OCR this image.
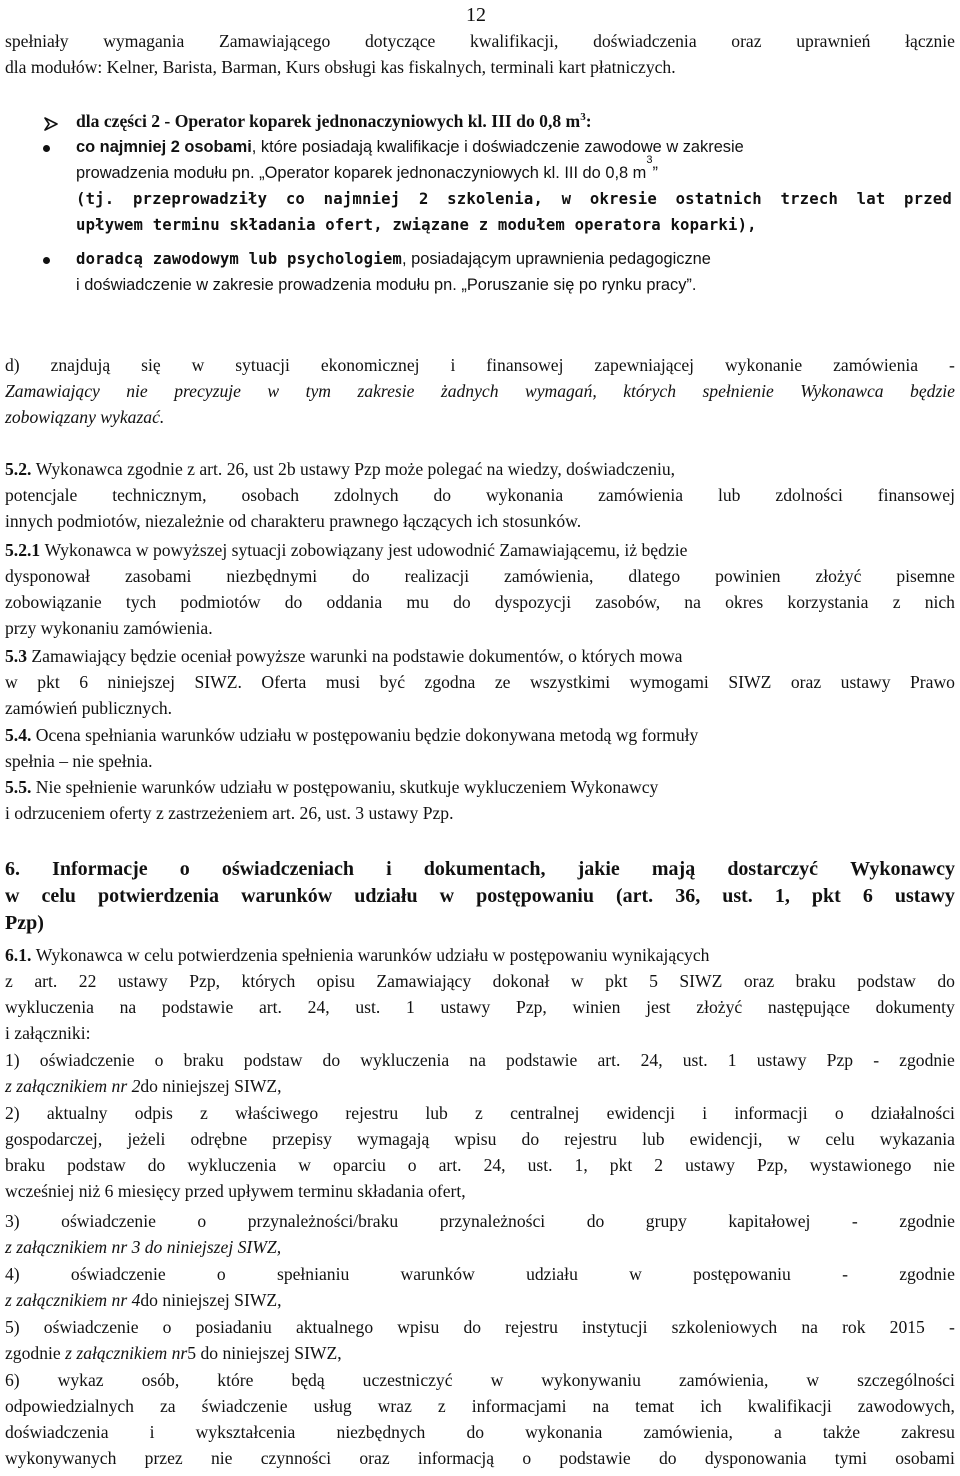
12
spełniały wymagania Zamawiającego dotyczące kwalifikacji, doświadczenia oraz uprawnień łącznie
dla modułów: Kelner, Barista, Barman, Kurs obsługi kas fiskalnych, terminali kart płatniczych.
dla części 2 - Operator koparek jednonaczyniowych kl. III do 0,8 $m^3$:
co najmniej 2 osobami, które posiadają kwalifikacje i doświadczenie zawodowe w zakresie
prowadzenia modułu pn. „Operator koparek jednonaczyniowych kl. III do 0,8 m
3
”
(tj. przeprowadziły co najmniej 2 szkolenia, w okresie ostatnich trzech lat przed
upływem terminu składania ofert, związane z modułem operatora koparki),
doradcą zawodowym lub psychologiem, posiadającym uprawnienia pedagogiczne
i doświadczenie w zakresie prowadzenia modułu pn. „Poruszanie się po rynku pracy”.
d) znajdują się w sytuacji ekonomicznej i finansowej zapewniającej wykonanie zamówienia -
Zamawiający nie precyzuje w tym zakresie żadnych wymagań, których spełnienie Wykonawca będzie
zobowiązany wykazać.
5.2.
Wykonawca zgodnie z art. 26, ust 2b ustawy Pzp może polegać na wiedzy, doświadczeniu,
potencjale technicznym, osobach zdolnych do wykonania zamówienia lub zdolności finansowej
innych podmiotów, niezależnie od charakteru prawnego łączących ich stosunków.
5.2.1
Wykonawca w powyższej sytuacji zobowiązany jest udowodnić Zamawiającemu, iż będzie
dysponował zasobami niezbędnymi do realizacji zamówienia, dlatego powinien złożyć pisemne
zobowiązanie tych podmiotów do oddania mu do dyspozycji zasobów, na okres korzystania z nich
przy wykonaniu zamówienia.
5.3
Zamawiający będzie oceniał powyższe warunki na podstawie dokumentów, o których mowa
w pkt 6 niniejszej SIWZ. Oferta musi być zgodna ze wszystkimi wymogami SIWZ oraz ustawy Prawo
zamówień publicznych.
5.4.
Ocena spełniania warunków udziału w postępowaniu będzie dokonywana metodą wg formuły
spełnia – nie spełnia.
5.5.
Nie spełnienie warunków udziału w postępowaniu, skutkuje wykluczeniem Wykonawcy
i odrzuceniem oferty z zastrzeżeniem art. 26, ust. 3 ustawy Pzp.
6. Informacje o oświadczeniach i dokumentach, jakie mają dostarczyć Wykonawcy
w celu potwierdzenia warunków udziału w postępowaniu (art. 36, ust. 1, pkt 6 ustawy
Pzp)
6.1.
Wykonawca w celu potwierdzenia spełnienia warunków udziału w postępowaniu wynikających
z art. 22 ustawy Pzp, których opisu Zamawiający dokonał w pkt 5 SIWZ oraz braku podstaw do
wykluczenia na podstawie art. 24, ust. 1 ustawy Pzp, winien jest złożyć następujące dokumenty
i załączniki:
1) oświadczenie o braku podstaw do wykluczenia na podstawie art. 24, ust. 1 ustawy Pzp - zgodnie
z załącznikiem nr 2 do niniejszej SIWZ,
2) aktualny odpis z właściwego rejestru lub z centralnej ewidencji i informacji o działalności
gospodarczej, jeżeli odrębne przepisy wymagają wpisu do rejestru lub ewidencji, w celu wykazania
braku podstaw do wykluczenia w oparciu o art. 24, ust. 1, pkt 2 ustawy Pzp, wystawionego nie
wcześniej niż 6 miesięcy przed upływem terminu składania ofert,
3) oświadczenie o przynależności/braku przynależności do grupy kapitałowej - zgodnie
z załącznikiem nr 3 do niniejszej SIWZ,
4)	oświadczenie	o	spełnianiu	warunków	udziału	w	postępowaniu	-	zgodnie
z załącznikiem nr 4 do niniejszej SIWZ,
5) oświadczenie o posiadaniu aktualnego wpisu do rejestru instytucji szkoleniowych na rok 2015 -
zgodnie
z załącznikiem nr 5 do niniejszej SIWZ,
6) wykaz osób, które będą uczestniczyć w wykonywaniu zamówienia, w szczególności
odpowiedzialnych za świadczenie usług wraz z informacjami na temat ich kwalifikacji zawodowych,
doświadczenia i wykształcenia niezbędnych do wykonania zamówienia, a także zakresu
wykonywanych przez nie czynności oraz informacją o podstawie do dysponowania tymi osobami
